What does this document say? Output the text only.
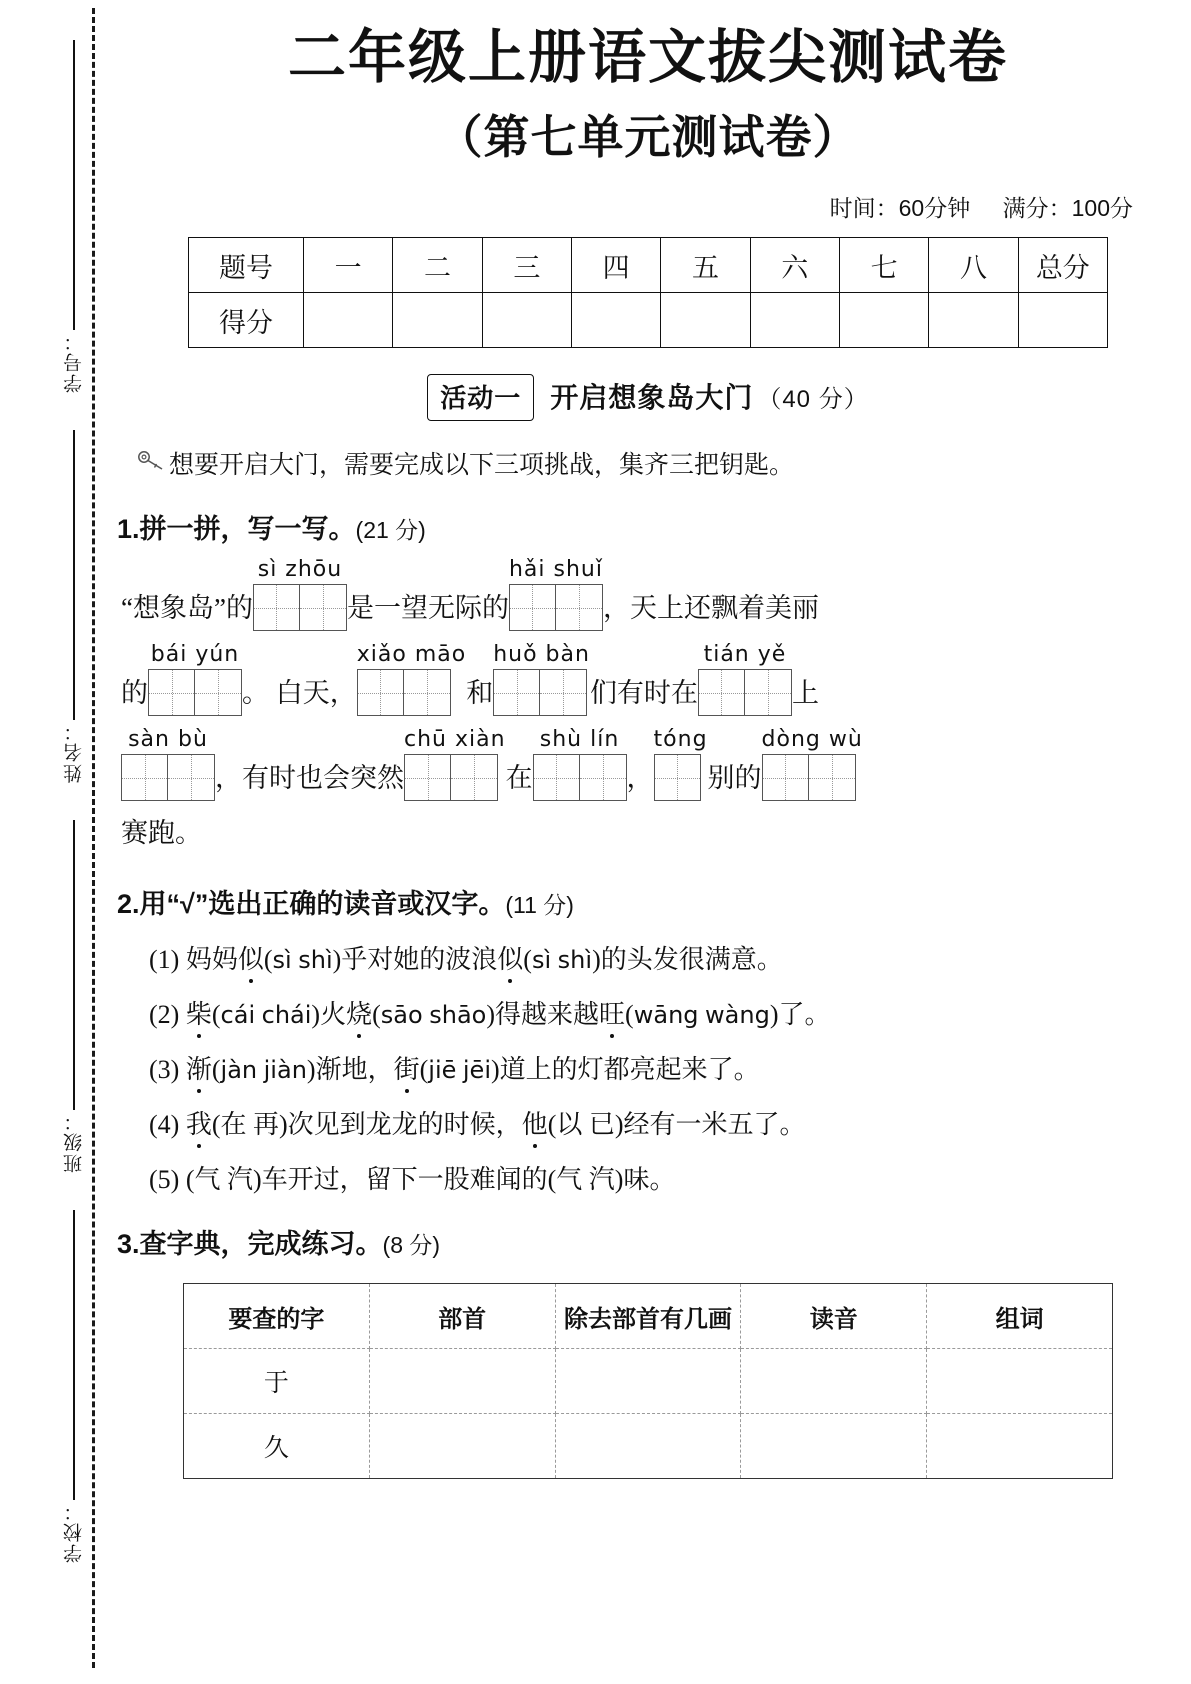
学号：
姓名：
班级：
学校：
二年级上册语文拔尖测试卷
（第七单元测试卷）
时间：60分钟 满分：100分
题号	一	二	三	四	五	六	七	八	总分
得分									
活动一	开启想象岛大门 （40 分）
想要开启大门，需要完成以下三项挑战，集齐三把钥匙。
1.拼一拼，写一写。(21 分)
“想象岛”的
sì zhōu
是一望无际的
hǎi shuǐ
，天上还飘着美丽
的
bái yún
。 白天，
xiǎo māo
和
huǒ bàn
们有时在
tián yě
上
sàn bù
，有时也会突然
chū xiàn
在
shù lín
，
tóng
别的
dòng wù
赛跑。
2.用“√”选出正确的读音或汉字。(11 分)
(1) 妈妈似(sì shì)乎对她的波浪似(sì shì)的头发很满意。
(2) 柴(cái chái)火烧(sāo shāo)得越来越旺(wāng wàng)了。
(3) 渐(jàn jiàn)渐地，街(jiē jēi)道上的灯都亮起来了。
(4) 我(在 再)次见到龙龙的时候，他(以 已)经有一米五了。
(5) (气 汽)车开过，留下一股难闻的(气 汽)味。
3.查字典，完成练习。(8 分)
要查的字	部首	除去部首有几画	读音	组词
于				
久				
